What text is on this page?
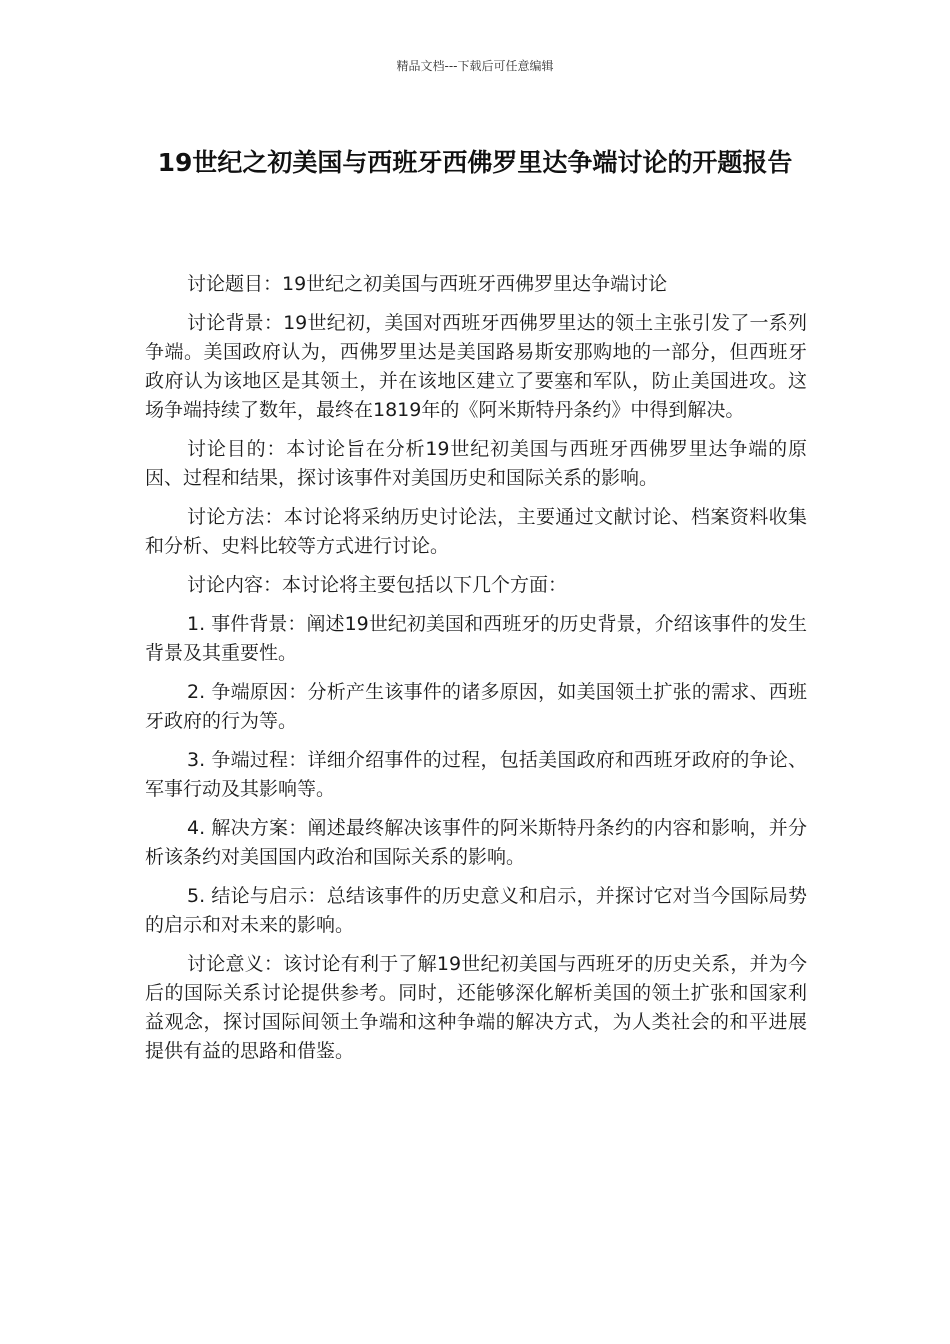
精品文档---下载后可任意编辑
19世纪之初美国与西班牙西佛罗里达争端讨论的开题报告

讨论题目：19世纪之初美国与西班牙西佛罗里达争端讨论

讨论背景：19世纪初，美国对西班牙西佛罗里达的领土主张引发了一系列争端。美国政府认为，西佛罗里达是美国路易斯安那购地的一部分，但西班牙政府认为该地区是其领土，并在该地区建立了要塞和军队，防止美国进攻。这场争端持续了数年，最终在1819年的《阿米斯特丹条约》中得到解决。

讨论目的：本讨论旨在分析19世纪初美国与西班牙西佛罗里达争端的原因、过程和结果，探讨该事件对美国历史和国际关系的影响。

讨论方法：本讨论将采纳历史讨论法，主要通过文献讨论、档案资料收集和分析、史料比较等方式进行讨论。

讨论内容：本讨论将主要包括以下几个方面：

1. 事件背景：阐述19世纪初美国和西班牙的历史背景，介绍该事件的发生背景及其重要性。

2. 争端原因：分析产生该事件的诸多原因，如美国领土扩张的需求、西班牙政府的行为等。

3. 争端过程：详细介绍事件的过程，包括美国政府和西班牙政府的争论、军事行动及其影响等。

4. 解决方案：阐述最终解决该事件的阿米斯特丹条约的内容和影响，并分析该条约对美国国内政治和国际关系的影响。

5. 结论与启示：总结该事件的历史意义和启示，并探讨它对当今国际局势的启示和对未来的影响。

讨论意义：该讨论有利于了解19世纪初美国与西班牙的历史关系，并为今后的国际关系讨论提供参考。同时，还能够深化解析美国的领土扩张和国家利益观念，探讨国际间领土争端和这种争端的解决方式，为人类社会的和平进展提供有益的思路和借鉴。
